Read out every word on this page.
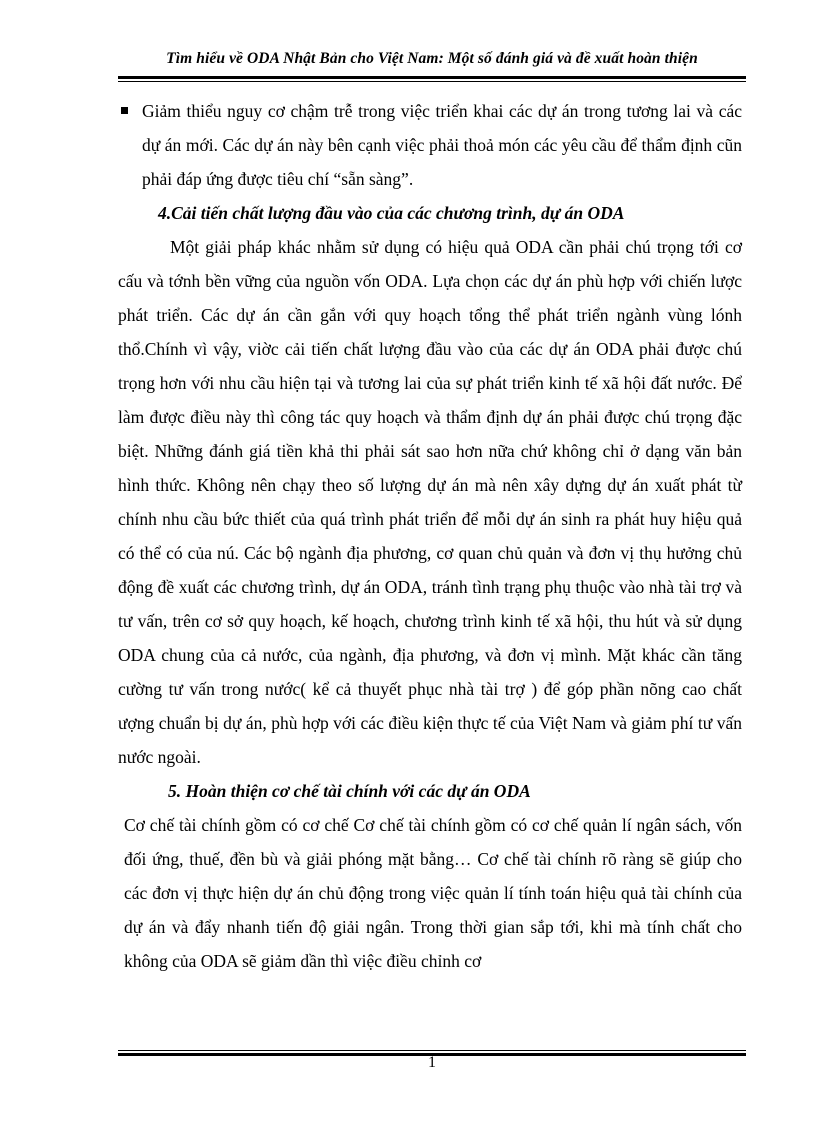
Tìm hiểu về ODA Nhật Bản cho Việt Nam: Một số đánh giá và đề xuất hoàn thiện

Giảm thiểu nguy cơ chậm trễ trong việc triển khai các dự án trong tương lai và các dự án mới. Các dự án này bên cạnh việc phải thoả món các yêu cầu để thẩm định cũn phải đáp ứng được tiêu chí “sẵn sàng”.

4.Cải tiến chất lượng đầu vào của các chương trình, dự án ODA

Một giải pháp khác nhằm sử dụng có hiệu quả ODA cần phải chú trọng tới cơ cấu và tớnh bền vững của nguồn vốn ODA. Lựa chọn các dự án phù hợp với chiến lược phát triển. Các dự án cần gắn với quy hoạch tổng thể phát triển ngành vùng lónh thổ.Chính vì vậy, viờc cải tiến chất lượng đầu vào của các dự án ODA phải được chú trọng hơn với nhu cầu hiện tại và tương lai của sự phát triển kinh tế xã hội đất nước. Để làm được điều này thì công tác quy hoạch và thẩm định dự án phải được chú trọng đặc biệt. Những đánh giá tiền khả thi phải sát sao hơn nữa chứ không chỉ ở dạng văn bản hình thức. Không nên chạy theo số lượng dự án mà nên xây dựng dự án xuất phát từ chính nhu cầu bức thiết của quá trình phát triển để mỗi dự án sinh ra phát huy hiệu quả có thể có của nú. Các bộ ngành địa phương, cơ quan chủ quản và đơn vị thụ hưởng chủ động đề xuất các chương trình, dự án ODA, tránh tình trạng phụ thuộc vào nhà tài trợ và tư vấn, trên cơ sở quy hoạch, kế hoạch, chương trình kinh tế xã hội, thu hút và sử dụng ODA chung của cả nước, của ngành, địa phương, và đơn vị mình. Mặt khác cần tăng cường tư vấn trong nước( kể cả thuyết phục nhà tài trợ ) để góp phần nõng cao chất ượng chuẩn bị dự án, phù hợp với các điều kiện thực tế của Việt Nam và giảm phí tư vấn nước ngoài.

5. Hoàn thiện cơ chế tài chính với các dự án ODA

Cơ chế tài chính gồm có cơ chế Cơ chế tài chính gồm có cơ chế quản lí ngân sách, vốn đối ứng, thuế, đền bù và giải phóng mặt bằng… Cơ chế tài chính rõ ràng sẽ giúp cho các đơn vị thực hiện dự án chủ động trong việc quản lí tính toán hiệu quả tài chính của dự án và đẩy nhanh tiến độ giải ngân. Trong thời gian sắp tới, khi mà tính chất cho không của ODA sẽ giảm dần thì việc điều chỉnh cơ

1
